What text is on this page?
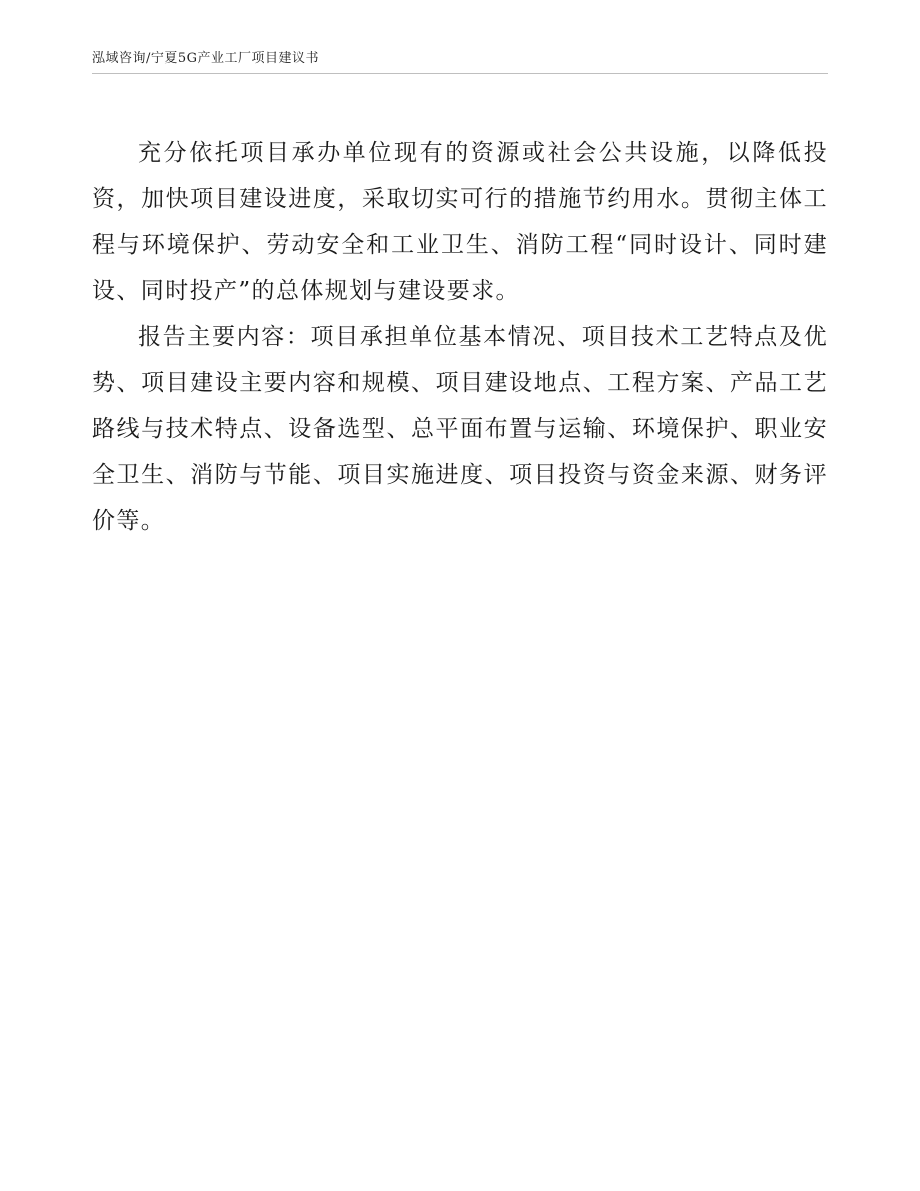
泓域咨询/宁夏5G产业工厂项目建议书

充分依托项目承办单位现有的资源或社会公共设施，以降低投资，加快项目建设进度，采取切实可行的措施节约用水。贯彻主体工程与环境保护、劳动安全和工业卫生、消防工程“同时设计、同时建设、同时投产”的总体规划与建设要求。

报告主要内容：项目承担单位基本情况、项目技术工艺特点及优势、项目建设主要内容和规模、项目建设地点、工程方案、产品工艺路线与技术特点、设备选型、总平面布置与运输、环境保护、职业安全卫生、消防与节能、项目实施进度、项目投资与资金来源、财务评价等。
